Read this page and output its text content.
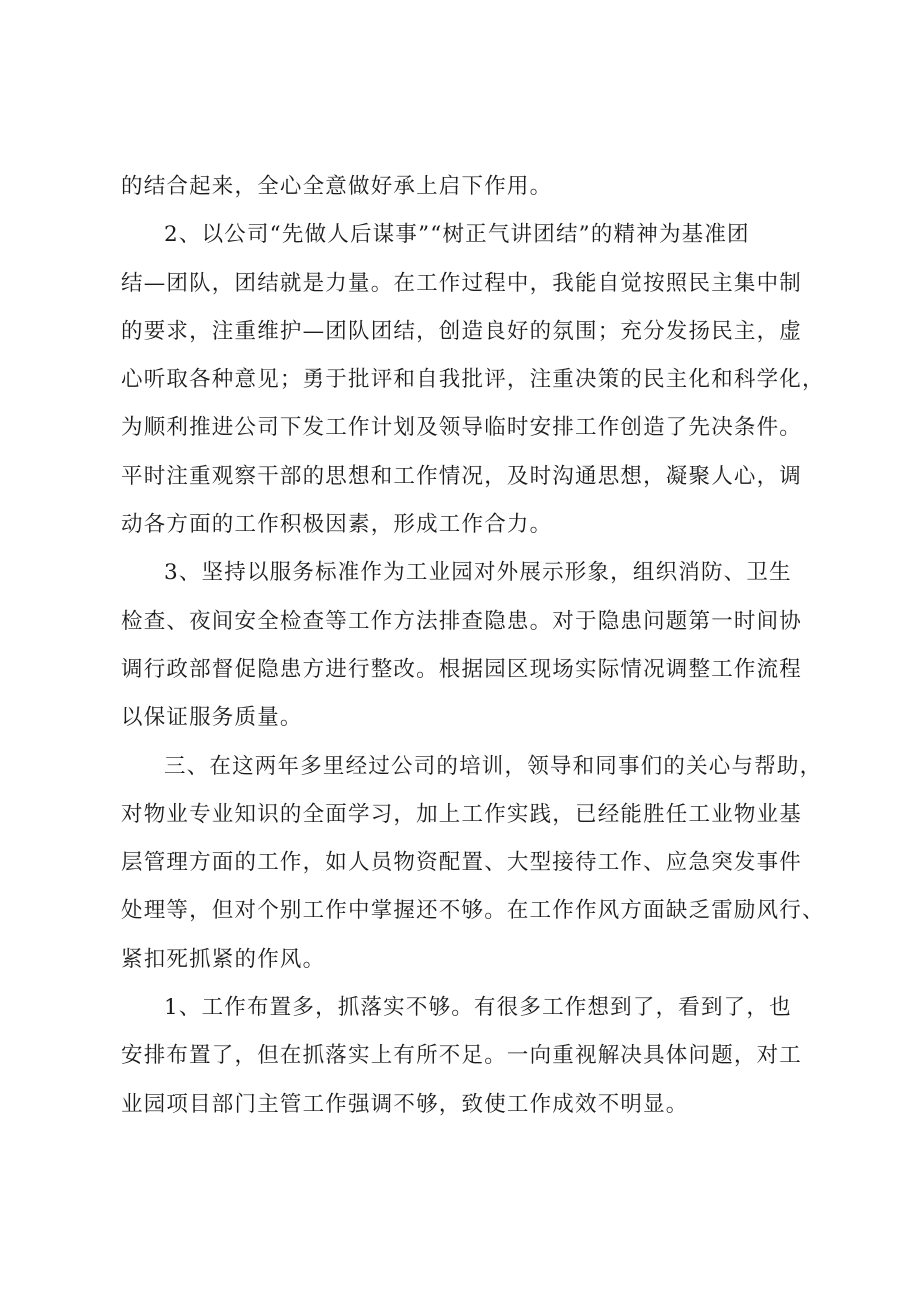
的结合起来，全心全意做好承上启下作用。
2、以公司“先做人后谋事”“树正气讲团结”的精神为基准团
结—团队，团结就是力量。在工作过程中，我能自觉按照民主集中制
的要求，注重维护—团队团结，创造良好的氛围；充分发扬民主，虚
心听取各种意见；勇于批评和自我批评，注重决策的民主化和科学化，
为顺利推进公司下发工作计划及领导临时安排工作创造了先决条件。
平时注重观察干部的思想和工作情况，及时沟通思想，凝聚人心，调
动各方面的工作积极因素，形成工作合力。
3、坚持以服务标准作为工业园对外展示形象，组织消防、卫生
检查、夜间安全检查等工作方法排查隐患。对于隐患问题第一时间协
调行政部督促隐患方进行整改。根据园区现场实际情况调整工作流程
以保证服务质量。
三、在这两年多里经过公司的培训，领导和同事们的关心与帮助，
对物业专业知识的全面学习，加上工作实践，已经能胜任工业物业基
层管理方面的工作，如人员物资配置、大型接待工作、应急突发事件
处理等，但对个别工作中掌握还不够。在工作作风方面缺乏雷励风行、
紧扣死抓紧的作风。
1、工作布置多，抓落实不够。有很多工作想到了，看到了，也
安排布置了，但在抓落实上有所不足。一向重视解决具体问题，对工
业园项目部门主管工作强调不够，致使工作成效不明显。
